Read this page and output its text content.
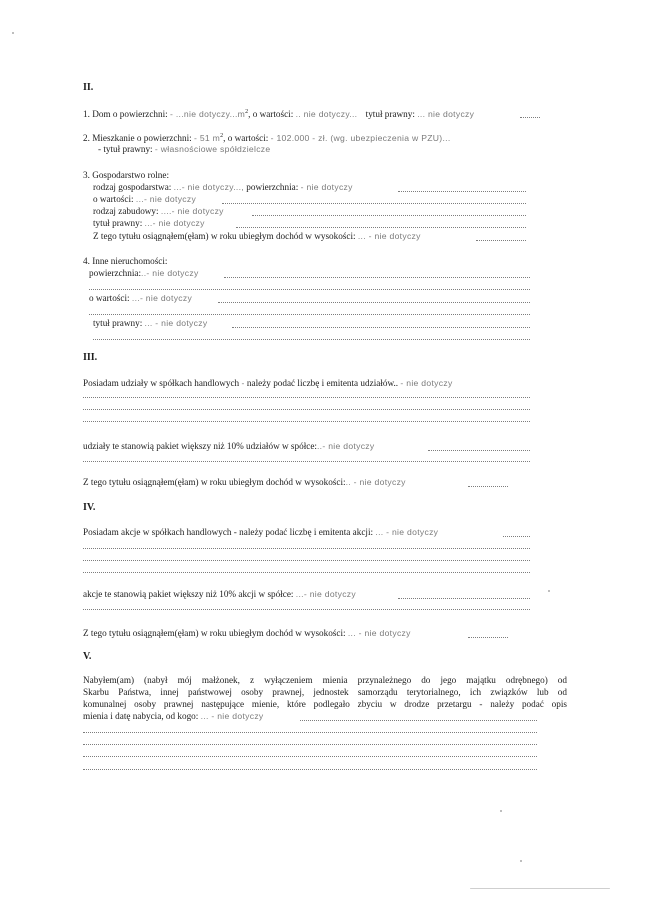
II.
1. Dom o powierzchni: - ...nie $dotyczy...m^2$, o wartości: .. nie dotyczy... tytuł prawny: ... nie dotyczy
2. Mieszkanie o powierzchni: - 51 $m^2$, o wartości: - 102.000 - zł. (wg. ubezpieczenia w PZU)...
- tytuł prawny: - własnościowe spółdzielcze
3. Gospodarstwo rolne:
rodzaj gospodarstwa: ...- nie dotyczy..., powierzchnia: - nie dotyczy
o wartości: ...- nie dotyczy
rodzaj zabudowy: ....- nie dotyczy
tytuł prawny: ...- nie dotyczy
Z tego tytułu osiągnąłem(ęłam) w roku ubiegłym dochód w wysokości: ... - nie dotyczy
4. Inne nieruchomości:
powierzchnia:..- nie dotyczy
o wartości: ...- nie dotyczy
tytuł prawny: ... - nie dotyczy
III.
Posiadam udziały w spółkach handlowych - należy podać liczbę i emitenta udziałów.. - nie dotyczy
udziały te stanowią pakiet większy niż 10% udziałów w spółce:..- nie dotyczy
Z tego tytułu osiągnąłem(ęłam) w roku ubiegłym dochód w wysokości:.. - nie dotyczy
IV.
Posiadam akcje w spółkach handlowych - należy podać liczbę i emitenta akcji: ... - nie dotyczy
akcje te stanowią pakiet większy niż 10% akcji w spółce: ...- nie dotyczy
Z tego tytułu osiągnąłem(ęłam) w roku ubiegłym dochód w wysokości: ... - nie dotyczy
V.
Nabyłem(am) (nabył mój małżonek, z wyłączeniem mienia przynależnego do jego majątku odrębnego) od
Skarbu Państwa, innej państwowej osoby prawnej, jednostek samorządu terytorialnego, ich związków lub od
komunalnej osoby prawnej następujące mienie, które podlegało zbyciu w drodze przetargu - należy podać opis
mienia i datę nabycia, od kogo: ... - nie dotyczy
